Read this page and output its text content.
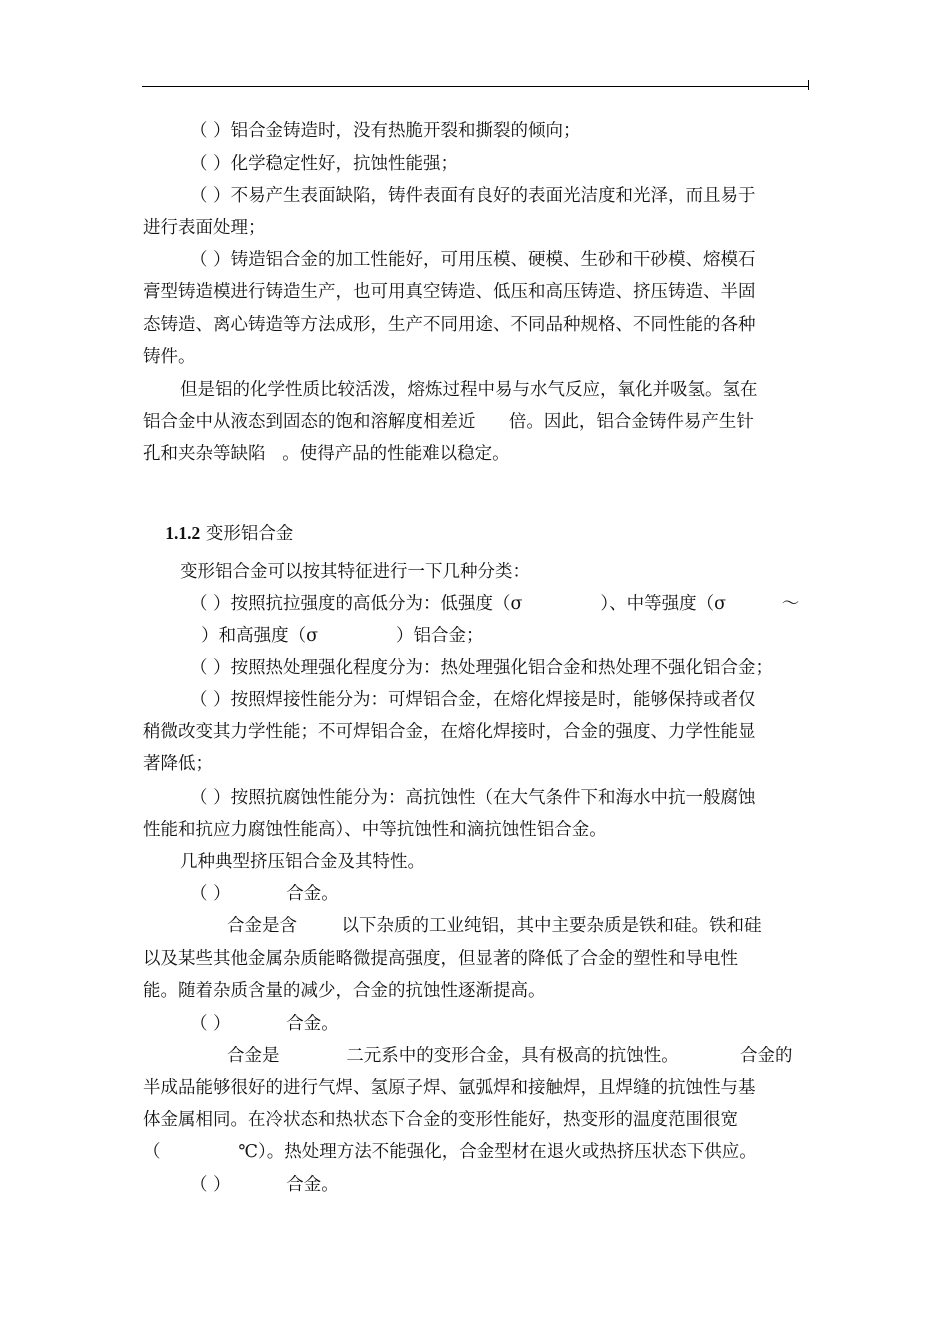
（ ）铝合金铸造时，没有热脆开裂和撕裂的倾向；
（ ）化学稳定性好，抗蚀性能强；
（ ）不易产生表面缺陷，铸件表面有良好的表面光洁度和光泽，而且易于
进行表面处理；
（ ）铸造铝合金的加工性能好，可用压模、硬模、生砂和干砂模、熔模石
膏型铸造模进行铸造生产，也可用真空铸造、低压和高压铸造、挤压铸造、半固
态铸造、离心铸造等方法成形，生产不同用途、不同品种规格、不同性能的各种
铸件。
但是铝的化学性质比较活泼，熔炼过程中易与水气反应，氧化并吸氢。氢在
铝合金中从液态到固态的饱和溶解度相差近      倍。因此，铝合金铸件易产生针
孔和夹杂等缺陷   。使得产品的性能难以稳定。

1.1.2 变形铝合金

变形铝合金可以按其特征进行一下几种分类：
（ ）按照抗拉强度的高低分为：低强度（σ              ）、中等强度（σ          ～
）和高强度（σ              ）铝合金；
（ ）按照热处理强化程度分为：热处理强化铝合金和热处理不强化铝合金；
（ ）按照焊接性能分为：可焊铝合金，在熔化焊接是时，能够保持或者仅
稍微改变其力学性能；不可焊铝合金，在熔化焊接时，合金的强度、力学性能显
著降低；
（ ）按照抗腐蚀性能分为：高抗蚀性（在大气条件下和海水中抗一般腐蚀
性能和抗应力腐蚀性能高）、中等抗蚀性和滴抗蚀性铝合金。
几种典型挤压铝合金及其特性。
（ ）          合金。
合金是含        以下杂质的工业纯铝，其中主要杂质是铁和硅。铁和硅
以及某些其他金属杂质能略微提高强度，但显著的降低了合金的塑性和导电性
能。随着杂质含量的减少，合金的抗蚀性逐渐提高。
（ ）          合金。
合金是            二元系中的变形合金，具有极高的抗蚀性。           合金的
半成品能够很好的进行气焊、氢原子焊、氩弧焊和接触焊，且焊缝的抗蚀性与基
体金属相同。在冷状态和热状态下合金的变形性能好，热变形的温度范围很宽
（              ℃）。热处理方法不能强化，合金型材在退火或热挤压状态下供应。
（ ）          合金。
